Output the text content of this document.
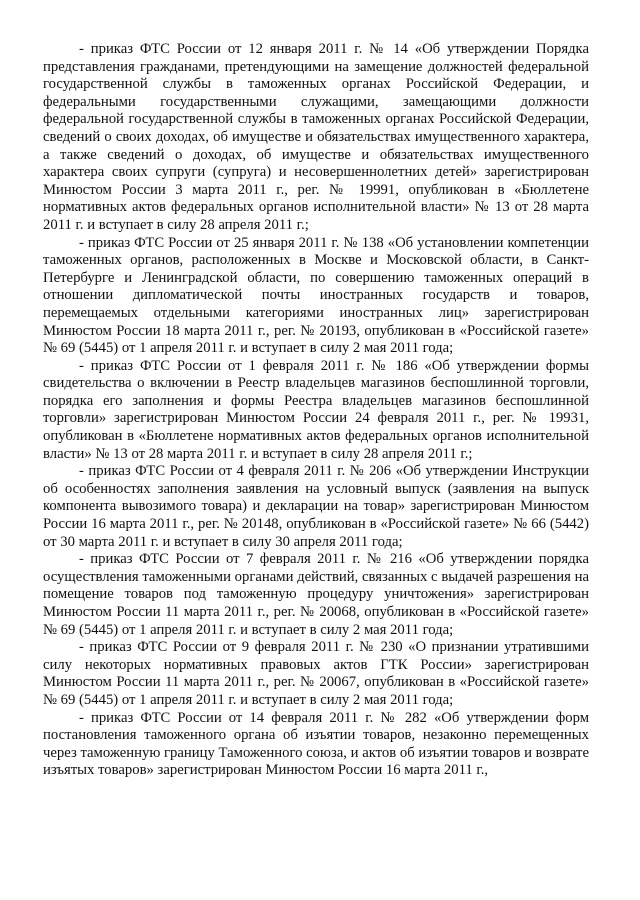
- приказ ФТС России от 12 января 2011 г. № 14 «Об утверждении Порядка представления гражданами, претендующими на замещение должностей федеральной государственной службы в таможенных органах Российской Федерации, и федеральными государственными служащими, замещающими должности федеральной государственной службы в таможенных органах Российской Федерации, сведений о своих доходах, об имуществе и обязательствах имущественного характера, а также сведений о доходах, об имуществе и обязательствах имущественного характера своих супруги (супруга) и несовершеннолетних детей» зарегистрирован Минюстом России 3 марта 2011 г., рег. № 19991, опубликован в «Бюллетене нормативных актов федеральных органов исполнительной власти» № 13 от 28 марта 2011 г. и вступает в силу 28 апреля 2011 г.;

- приказ ФТС России от 25 января 2011 г. № 138 «Об установлении компетенции таможенных органов, расположенных в Москве и Московской области, в Санкт-Петербурге и Ленинградской области, по совершению таможенных операций в отношении дипломатической почты иностранных государств и товаров, перемещаемых отдельными категориями иностранных лиц» зарегистрирован Минюстом России 18 марта 2011 г., рег. № 20193, опубликован в «Российской газете» № 69 (5445) от 1 апреля 2011 г. и вступает в силу 2 мая 2011 года;

- приказ ФТС России от 1 февраля 2011 г. № 186 «Об утверждении формы свидетельства о включении в Реестр владельцев магазинов беспошлинной торговли, порядка его заполнения и формы Реестра владельцев магазинов беспошлинной торговли» зарегистрирован Минюстом России 24 февраля 2011 г., рег. № 19931, опубликован в «Бюллетене нормативных актов федеральных органов исполнительной власти» № 13 от 28 марта 2011 г. и вступает в силу 28 апреля 2011 г.;

- приказ ФТС России от 4 февраля 2011 г. № 206 «Об утверждении Инструкции об особенностях заполнения заявления на условный выпуск (заявления на выпуск компонента вывозимого товара) и декларации на товар» зарегистрирован Минюстом России 16 марта 2011 г., рег. № 20148, опубликован в «Российской газете» № 66 (5442) от 30 марта 2011 г. и вступает в силу 30 апреля 2011 года;

- приказ ФТС России от 7 февраля 2011 г. № 216 «Об утверждении порядка осуществления таможенными органами действий, связанных с выдачей разрешения на помещение товаров под таможенную процедуру уничтожения» зарегистрирован Минюстом России 11 марта 2011 г., рег. № 20068, опубликован в «Российской газете» № 69 (5445) от 1 апреля 2011 г. и вступает в силу 2 мая 2011 года;

- приказ ФТС России от 9 февраля 2011 г. № 230 «О признании утратившими силу некоторых нормативных правовых актов ГТК России» зарегистрирован Минюстом России 11 марта 2011 г., рег. № 20067, опубликован в «Российской газете» № 69 (5445) от 1 апреля 2011 г. и вступает в силу 2 мая 2011 года;

- приказ ФТС России от 14 февраля 2011 г. № 282 «Об утверждении форм постановления таможенного органа об изъятии товаров, незаконно перемещенных через таможенную границу Таможенного союза, и актов об изъятии товаров и возврате изъятых товаров» зарегистрирован Минюстом России 16 марта 2011 г.,
